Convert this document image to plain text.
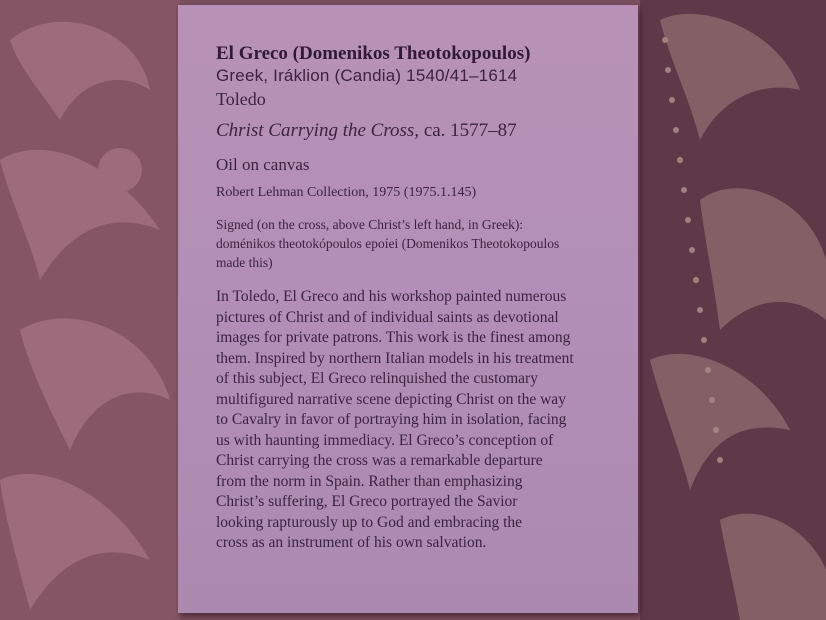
El Greco (Domenikos Theotokopoulos)
Greek, Iráklion (Candia) 1540/41–1614
Toledo
Christ Carrying the Cross, ca. 1577–87
Oil on canvas
Robert Lehman Collection, 1975 (1975.1.145)
Signed (on the cross, above Christ’s left hand, in Greek):
doménikos theotokópoulos epoíei (Domenikos Theotokopoulos
made this)
In Toledo, El Greco and his workshop painted numerous
pictures of Christ and of individual saints as devotional
images for private patrons. This work is the finest among
them. Inspired by northern Italian models in his treatment
of this subject, El Greco relinquished the customary
multifigured narrative scene depicting Christ on the way
to Cavalry in favor of portraying him in isolation, facing
us with haunting immediacy. El Greco’s conception of
Christ carrying the cross was a remarkable departure
from the norm in Spain. Rather than emphasizing
Christ’s suffering, El Greco portrayed the Savior
looking rapturously up to God and embracing the
cross as an instrument of his own salvation.
